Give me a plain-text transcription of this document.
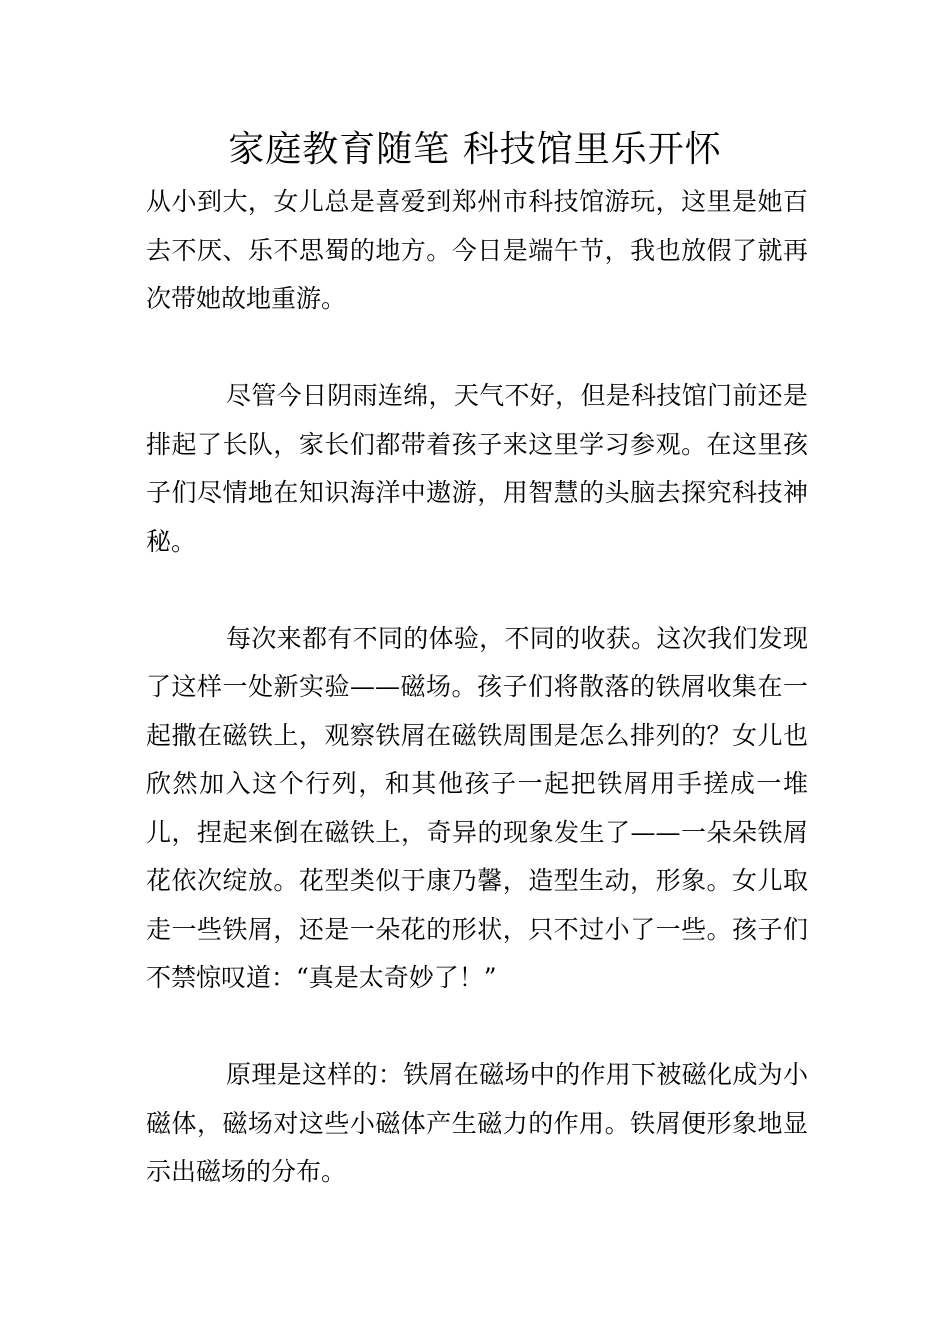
家庭教育随笔 科技馆里乐开怀

从小到大，女儿总是喜爱到郑州市科技馆游玩，这里是她百去不厌、乐不思蜀的地方。今日是端午节，我也放假了就再次带她故地重游。

尽管今日阴雨连绵，天气不好，但是科技馆门前还是排起了长队，家长们都带着孩子来这里学习参观。在这里孩子们尽情地在知识海洋中遨游，用智慧的头脑去探究科技神秘。

每次来都有不同的体验，不同的收获。这次我们发现了这样一处新实验——磁场。孩子们将散落的铁屑收集在一起撒在磁铁上，观察铁屑在磁铁周围是怎么排列的？女儿也欣然加入这个行列，和其他孩子一起把铁屑用手搓成一堆儿，捏起来倒在磁铁上，奇异的现象发生了——一朵朵铁屑花依次绽放。花型类似于康乃馨，造型生动，形象。女儿取走一些铁屑，还是一朵花的形状，只不过小了一些。孩子们不禁惊叹道：“真是太奇妙了！”

原理是这样的：铁屑在磁场中的作用下被磁化成为小磁体，磁场对这些小磁体产生磁力的作用。铁屑便形象地显示出磁场的分布。
